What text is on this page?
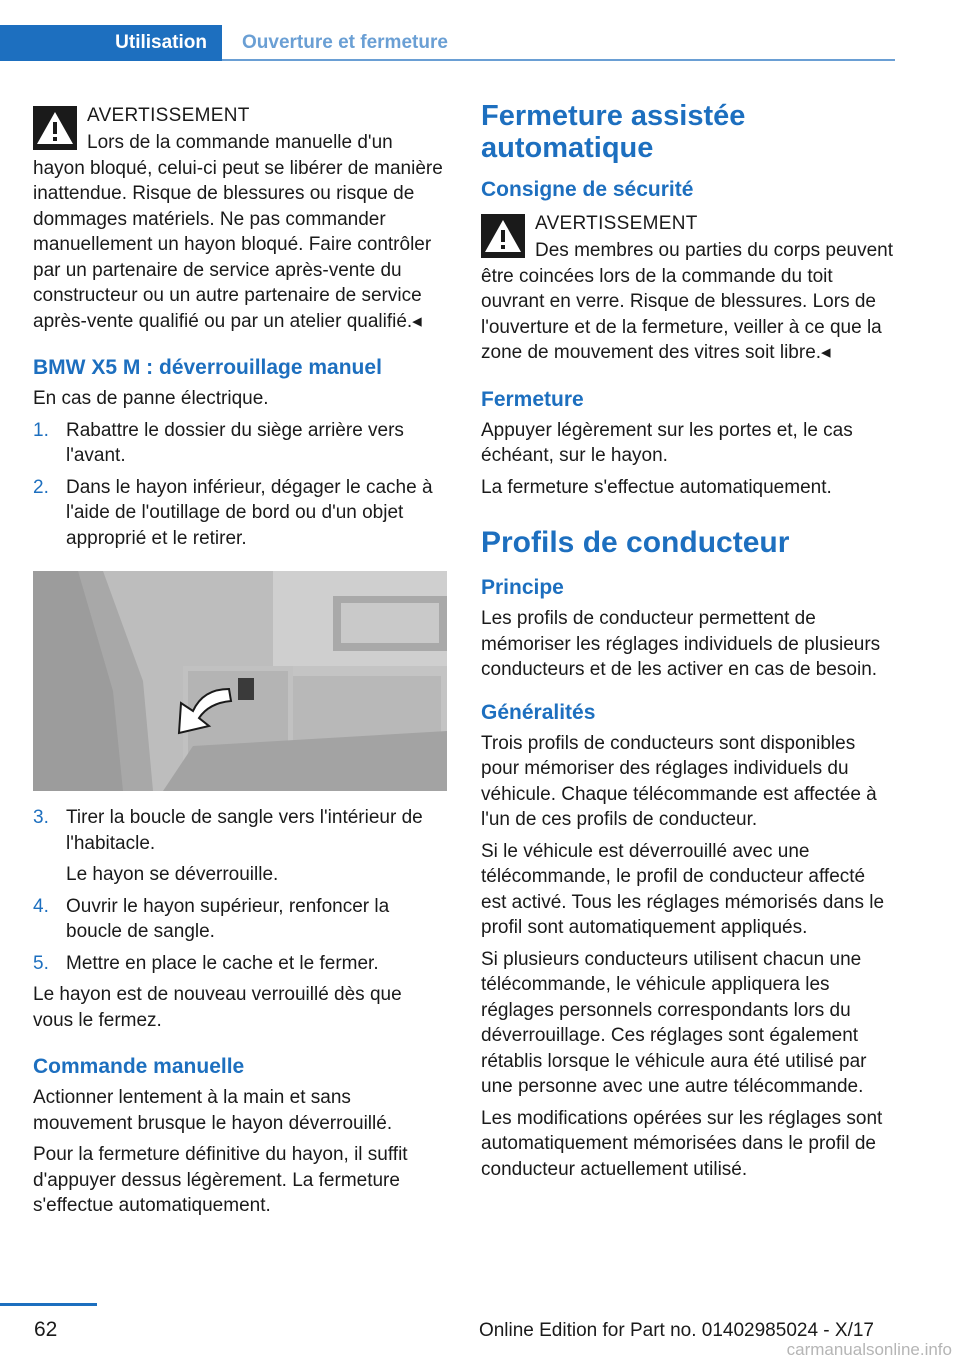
Utilisation	Ouverture et fermeture
AVERTISSEMENT
Lors de la commande manuelle d'un hayon bloqué, celui-ci peut se libérer de manière inattendue. Risque de blessures ou risque de dommages matériels. Ne pas commander manuellement un hayon bloqué. Faire contrôler par un partenaire de service après-vente du constructeur ou un autre partenaire de service après-vente qualifié ou par un atelier qualifié.◂
BMW X5 M : déverrouillage manuel

En cas de panne électrique.

1. Rabattre le dossier du siège arrière vers l'avant.
2. Dans le hayon inférieur, dégager le cache à l'aide de l'outillage de bord ou d'un objet approprié et le retirer.
3. Tirer la boucle de sangle vers l'intérieur de l'habitacle.
Le hayon se déverrouille.
4. Ouvrir le hayon supérieur, renfoncer la boucle de sangle.
5. Mettre en place le cache et le fermer.

Le hayon est de nouveau verrouillé dès que vous le fermez.

Commande manuelle

Actionner lentement à la main et sans mouvement brusque le hayon déverrouillé.

Pour la fermeture définitive du hayon, il suffit d'appuyer dessus légèrement. La fermeture s'effectue automatiquement.

Fermeture assistée automatique
Consigne de sécurité
AVERTISSEMENT
Des membres ou parties du corps peuvent être coincées lors de la commande du toit ouvrant en verre. Risque de blessures. Lors de l'ouverture et de la fermeture, veiller à ce que la zone de mouvement des vitres soit libre.◂
Fermeture

Appuyer légèrement sur les portes et, le cas échéant, sur le hayon.

La fermeture s'effectue automatiquement.

Profils de conducteur
Principe

Les profils de conducteur permettent de mémoriser les réglages individuels de plusieurs conducteurs et de les activer en cas de besoin.

Généralités

Trois profils de conducteurs sont disponibles pour mémoriser des réglages individuels du véhicule. Chaque télécommande est affectée à l'un de ces profils de conducteur.

Si le véhicule est déverrouillé avec une télécommande, le profil de conducteur affecté est activé. Tous les réglages mémorisés dans le profil sont automatiquement appliqués.

Si plusieurs conducteurs utilisent chacun une télécommande, le véhicule appliquera les réglages personnels correspondants lors du déverrouillage. Ces réglages sont également rétablis lorsque le véhicule aura été utilisé par une personne avec une autre télécommande.

Les modifications opérées sur les réglages sont automatiquement mémorisées dans le profil de conducteur actuellement utilisé.

62	Online Edition for Part no. 01402985024 - X/17
carmanualsonline.info
